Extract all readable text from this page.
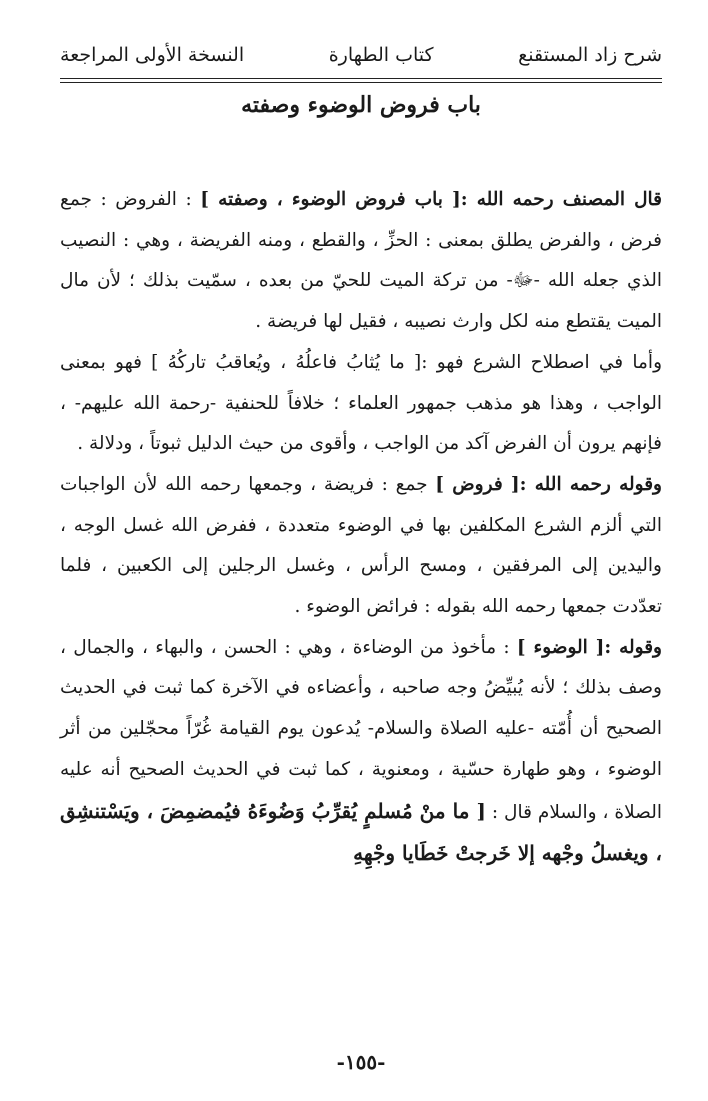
شرح زاد المستقنع
كتاب الطهارة
النسخة الأولى المراجعة
باب فروض الوضوء وصفته

قال المصنف رحمه الله :[ باب فروض الوضوء ، وصفته ] : الفروض : جمع فرض ، والفرض يطلق بمعنى : الحزِّ ، والقطع ، ومنه الفريضة ، وهي : النصيب الذي جعله الله -ﷻ- من تركة الميت للحيّ من بعده ، سمّيت بذلك ؛ لأن مال الميت يقتطع منه لكل وارث نصيبه ، فقيل لها فريضة .

وأما في اصطلاح الشرع فهو :[ ما يُثابُ فاعلُهُ ، ويُعاقبُ تاركُهُ ] فهو بمعنى الواجب ، وهذا هو مذهب جمهور العلماء ؛ خلافاً للحنفية -رحمة الله عليهم- ، فإنهم يرون أن الفرض آكد من الواجب ، وأقوى من حيث الدليل ثبوتاً ، ودلالة .

وقوله رحمه الله :[ فروض ] جمع : فريضة ، وجمعها رحمه الله لأن الواجبات التي ألزم الشرع المكلفين بها في الوضوء متعددة ، ففرض الله غسل الوجه ، واليدين إلى المرفقين ، ومسح الرأس ، وغسل الرجلين إلى الكعبين ، فلما تعدّدت جمعها رحمه الله بقوله : فرائض الوضوء .

وقوله :[ الوضوء ] : مأخوذ من الوضاءة ، وهي : الحسن ، والبهاء ، والجمال ، وصف بذلك ؛ لأنه يُبيِّضُ وجه صاحبه ، وأعضاءه في الآخرة كما ثبت في الحديث الصحيح أن أُمّته -عليه الصلاة والسلام- يُدعون يوم القيامة غُرّاً محجّلين من أثر الوضوء ، وهو طهارة حسّية ، ومعنوية ، كما ثبت في الحديث الصحيح أنه عليه الصلاة ، والسلام قال : [ ما منْ مُسلمٍ يُقرِّبُ وَضُوءَهُ فيُمضمِضَ ، ويَسْتنشِق ، ويغسلُ وجْهه إلا خَرجتْ خَطَايا وجْهِهِ

-١٥٥-
